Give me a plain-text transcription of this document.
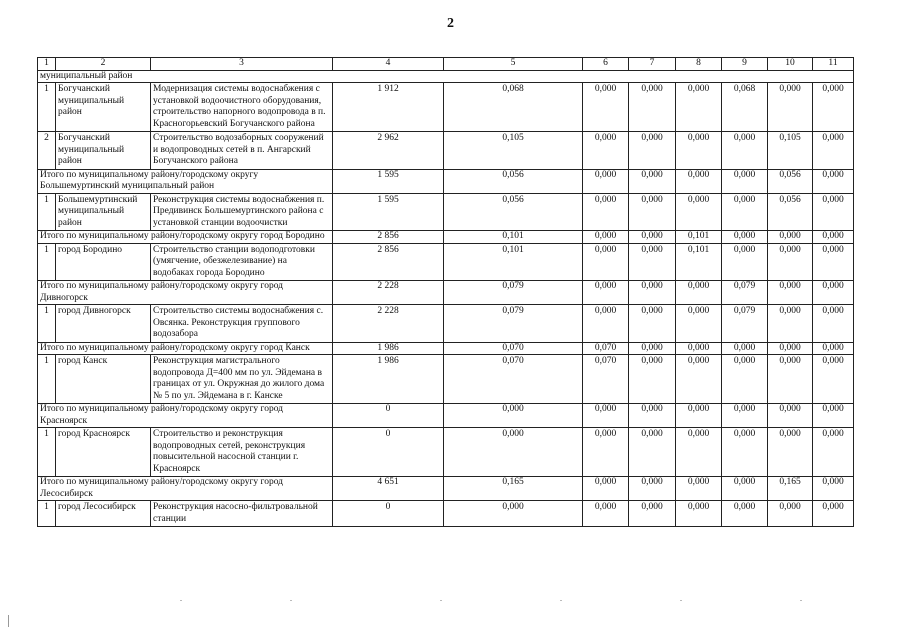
2
1	2	3	4	5	6	7	8	9	10	11
муниципальный район										
1	Богучанский муниципальный район	Модернизация системы водоснабжения с установкой водоочистного оборудования, строительство напорного водопровода в п. Красногорьевский Богучанского района	1 912	0,068	0,000	0,000	0,000	0,068	0,000	0,000
2	Богучанский муниципальный район	Строительство водозаборных сооружений и водопроводных сетей в п. Ангарский Богучанского района	2 962	0,105	0,000	0,000	0,000	0,000	0,105	0,000
Итого по муниципальному району/городскому округу Большемуртинский муниципальный район			1 595	0,056	0,000	0,000	0,000	0,000	0,056	0,000
1	Большемуртинский муниципальный район	Реконструкция системы водоснабжения п. Предивинск Большемуртинского района с установкой станции водоочистки	1 595	0,056	0,000	0,000	0,000	0,000	0,056	0,000
Итого по муниципальному району/городскому округу город Бородино			2 856	0,101	0,000	0,000	0,101	0,000	0,000	0,000
1	город Бородино	Строительство станции водоподготовки (умягчение, обезжелезивание) на водобаках города Бородино	2 856	0,101	0,000	0,000	0,101	0,000	0,000	0,000
Итого по муниципальному району/городскому округу город Дивногорск			2 228	0,079	0,000	0,000	0,000	0,079	0,000	0,000
1	город Дивногорск	Строительство системы водоснабжения с. Овсянка. Реконструкция группового водозабора	2 228	0,079	0,000	0,000	0,000	0,079	0,000	0,000
Итого по муниципальному району/городскому округу город Канск			1 986	0,070	0,070	0,000	0,000	0,000	0,000	0,000
1	город Канск	Реконструкция магистрального водопровода Д=400 мм по ул. Эйдемана в границах от ул. Окружная до жилого дома № 5 по ул. Эйдемана в г. Канске	1 986	0,070	0,070	0,000	0,000	0,000	0,000	0,000
Итого по муниципальному району/городскому округу город Красноярск			0	0,000	0,000	0,000	0,000	0,000	0,000	0,000
1	город Красноярск	Строительство и реконструкция водопроводных сетей, реконструкция повысительной насосной станции г. Красноярск	0	0,000	0,000	0,000	0,000	0,000	0,000	0,000
Итого по муниципальному району/городскому округу город Лесосибирск			4 651	0,165	0,000	0,000	0,000	0,000	0,165	0,000
1	город Лесосибирск	Реконструкция насосно-фильтровальной станции	0	0,000	0,000	0,000	0,000	0,000	0,000	0,000
